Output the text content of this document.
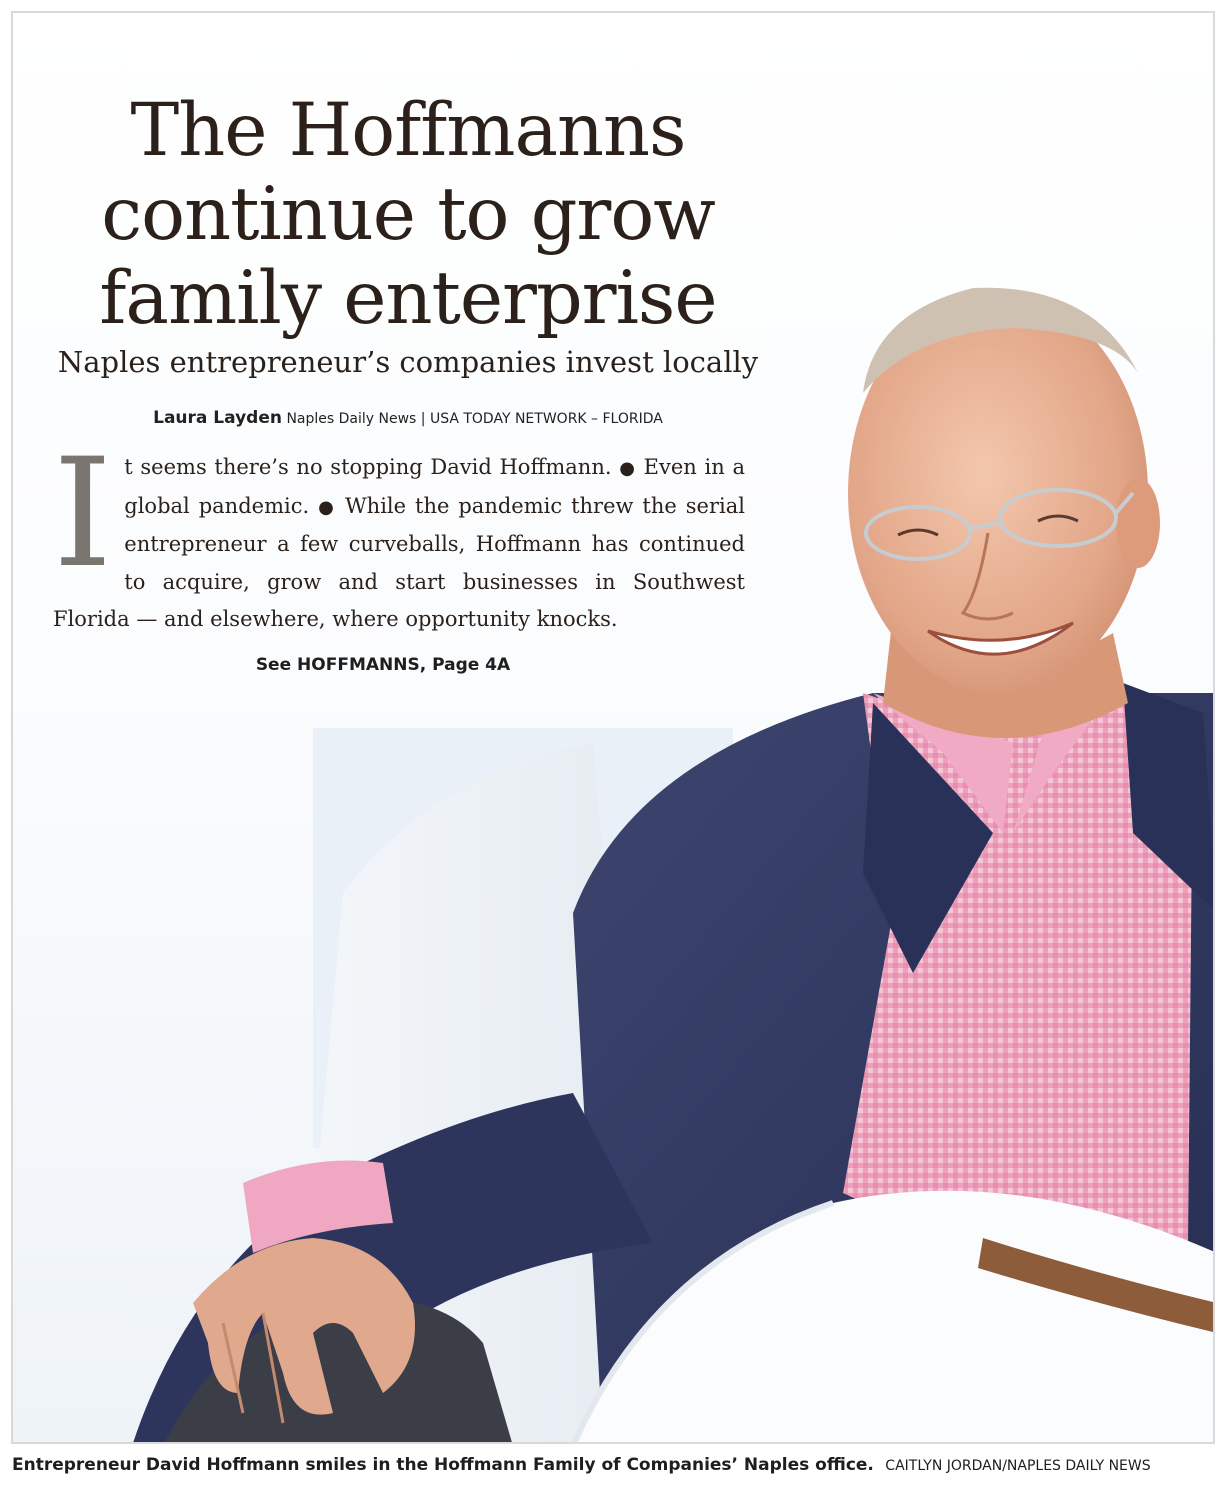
The Hoffmanns continue to grow family enterprise
Naples entrepreneur’s companies invest locally
Laura Layden Naples Daily News | USA TODAY NETWORK – FLORIDA

It seems there’s no stopping David Hoffmann. ● Even in a global pandemic. ● While the pandemic threw the serial entrepreneur a few curveballs, Hoffmann has continued to acquire, grow and start businesses in Southwest Florida — and elsewhere, where opportunity knocks.

See HOFFMANNS, Page 4A
Entrepreneur David Hoffmann smiles in the Hoffmann Family of Companies’ Naples office. CAITLYN JORDAN/NAPLES DAILY NEWS
